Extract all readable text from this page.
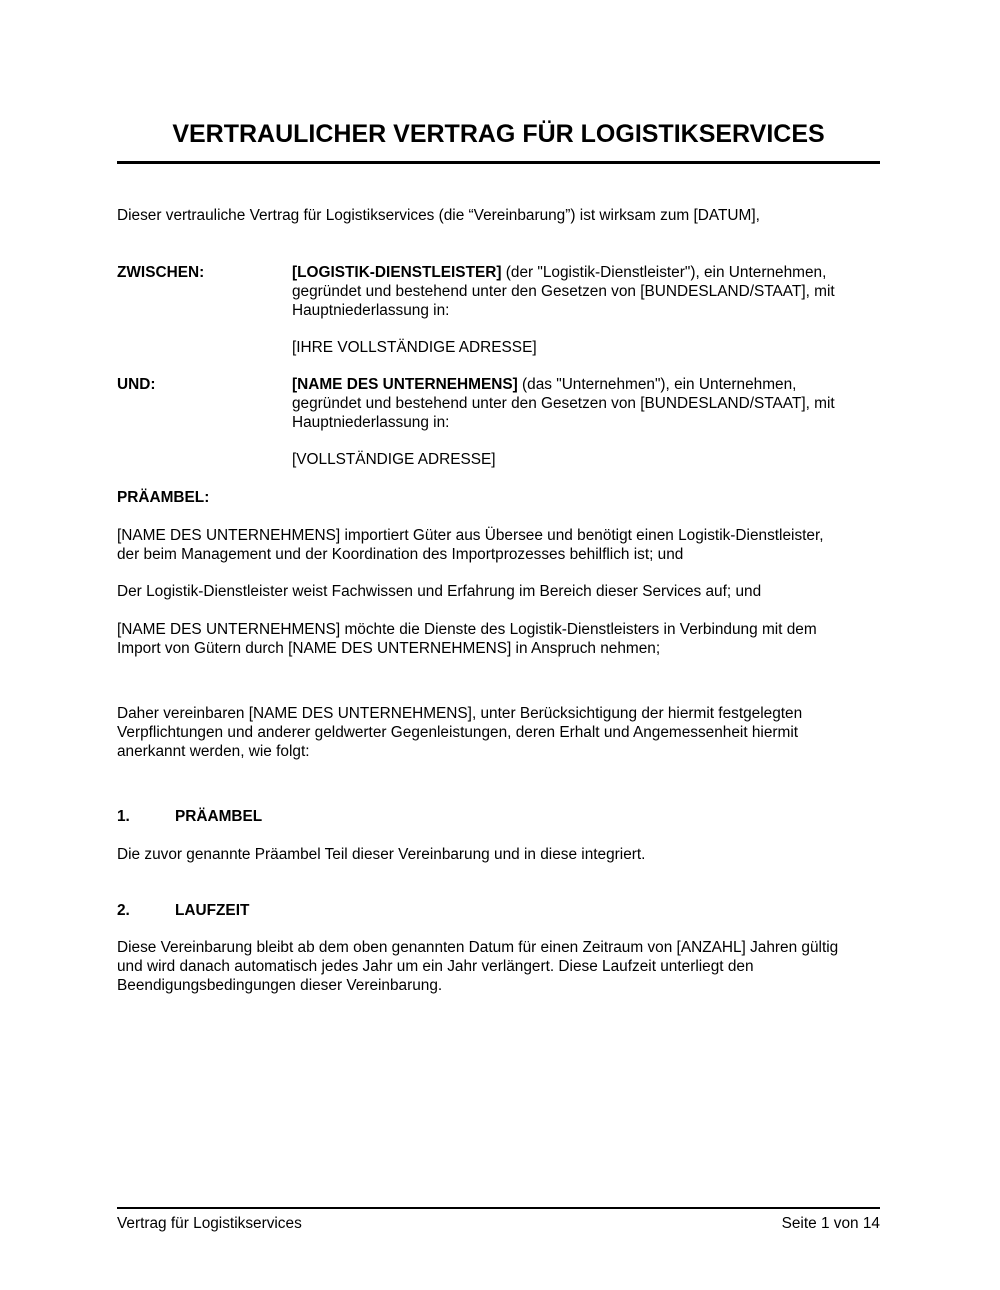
VERTRAULICHER VERTRAG FÜR LOGISTIKSERVICES
Dieser vertrauliche Vertrag für Logistikservices (die “Vereinbarung”) ist wirksam zum [DATUM],
ZWISCHEN:	[LOGISTIK-DIENSTLEISTER] (der "Logistik-Dienstleister"), ein Unternehmen,
gegründet und bestehend unter den Gesetzen von [BUNDESLAND/STAAT], mit
Hauptniederlassung in:
[IHRE VOLLSTÄNDIGE ADRESSE]
UND:	[NAME DES UNTERNEHMENS] (das "Unternehmen"), ein Unternehmen,
gegründet und bestehend unter den Gesetzen von [BUNDESLAND/STAAT], mit
Hauptniederlassung in:
[VOLLSTÄNDIGE ADRESSE]
PRÄAMBEL:
[NAME DES UNTERNEHMENS] importiert Güter aus Übersee und benötigt einen Logistik-Dienstleister,
der beim Management und der Koordination des Importprozesses behilflich ist; und
Der Logistik-Dienstleister weist Fachwissen und Erfahrung im Bereich dieser Services auf; und
[NAME DES UNTERNEHMENS] möchte die Dienste des Logistik-Dienstleisters in Verbindung mit dem
Import von Gütern durch [NAME DES UNTERNEHMENS] in Anspruch nehmen;
Daher vereinbaren [NAME DES UNTERNEHMENS], unter Berücksichtigung der hiermit festgelegten
Verpflichtungen und anderer geldwerter Gegenleistungen, deren Erhalt und Angemessenheit hiermit
anerkannt werden, wie folgt:
1.	PRÄAMBEL
Die zuvor genannte Präambel Teil dieser Vereinbarung und in diese integriert.
2.	LAUFZEIT
Diese Vereinbarung bleibt ab dem oben genannten Datum für einen Zeitraum von [ANZAHL] Jahren gültig
und wird danach automatisch jedes Jahr um ein Jahr verlängert. Diese Laufzeit unterliegt den
Beendigungsbedingungen dieser Vereinbarung.
Vertrag für Logistikservices	Seite 1 von 14
